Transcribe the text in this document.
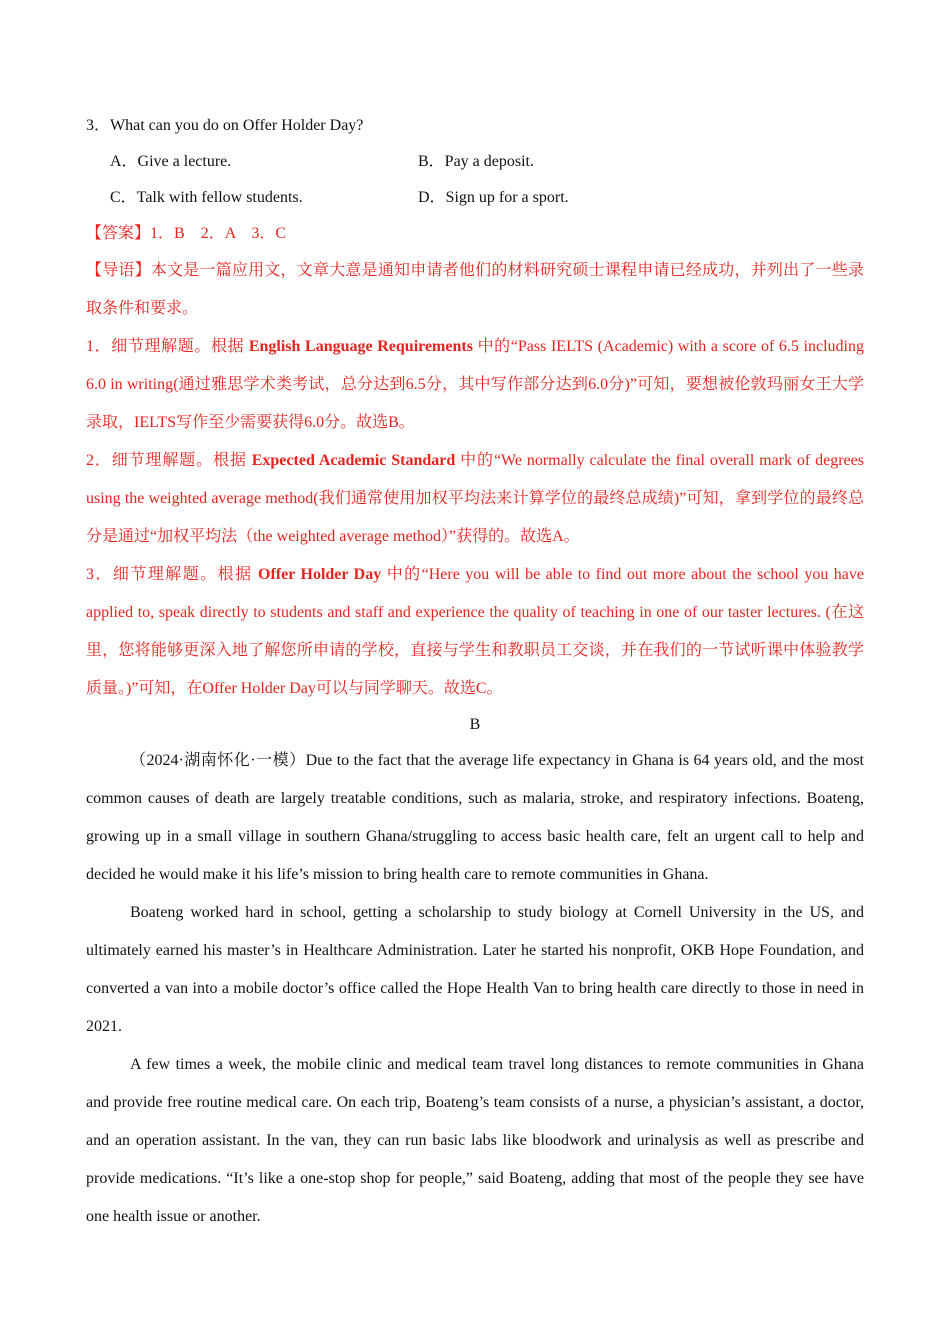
3．What can you do on Offer Holder Day?
A．Give a lecture.	B．Pay a deposit.
C．Talk with fellow students.	D．Sign up for a sport.
【答案】1．B　2．A　3．C
【导语】本文是一篇应用文，文章大意是通知申请者他们的材料研究硕士课程申请已经成功，并列出了一些录取条件和要求。
1．细节理解题。根据 English Language Requirements 中的“Pass IELTS (Academic) with a score of 6.5 including 6.0 in writing(通过雅思学术类考试，总分达到6.5分，其中写作部分达到6.0分)”可知，要想被伦敦玛丽女王大学录取，IELTS写作至少需要获得6.0分。故选B。
2．细节理解题。根据 Expected Academic Standard 中的“We normally calculate the final overall mark of degrees using the weighted average method(我们通常使用加权平均法来计算学位的最终总成绩)”可知，拿到学位的最终总分是通过“加权平均法（the weighted average method）”获得的。故选A。
3．细节理解题。根据 Offer Holder Day 中的“Here you will be able to find out more about the school you have applied to, speak directly to students and staff and experience the quality of teaching in one of our taster lectures. (在这里，您将能够更深入地了解您所申请的学校，直接与学生和教职员工交谈，并在我们的一节试听课中体验教学质量。)”可知，在Offer Holder Day可以与同学聊天。故选C。
B
（2024·湖南怀化·一模）Due to the fact that the average life expectancy in Ghana is 64 years old, and the most common causes of death are largely treatable conditions, such as malaria, stroke, and respiratory infections. Boateng, growing up in a small village in southern Ghana/struggling to access basic health care, felt an urgent call to help and decided he would make it his life’s mission to bring health care to remote communities in Ghana.
Boateng worked hard in school, getting a scholarship to study biology at Cornell University in the US, and ultimately earned his master’s in Healthcare Administration. Later he started his nonprofit, OKB Hope Foundation, and converted a van into a mobile doctor’s office called the Hope Health Van to bring health care directly to those in need in 2021.
A few times a week, the mobile clinic and medical team travel long distances to remote communities in Ghana and provide free routine medical care. On each trip, Boateng’s team consists of a nurse, a physician’s assistant, a doctor, and an operation assistant. In the van, they can run basic labs like bloodwork and urinalysis as well as prescribe and provide medications. “It’s like a one-stop shop for people,” said Boateng, adding that most of the people they see have one health issue or another.
